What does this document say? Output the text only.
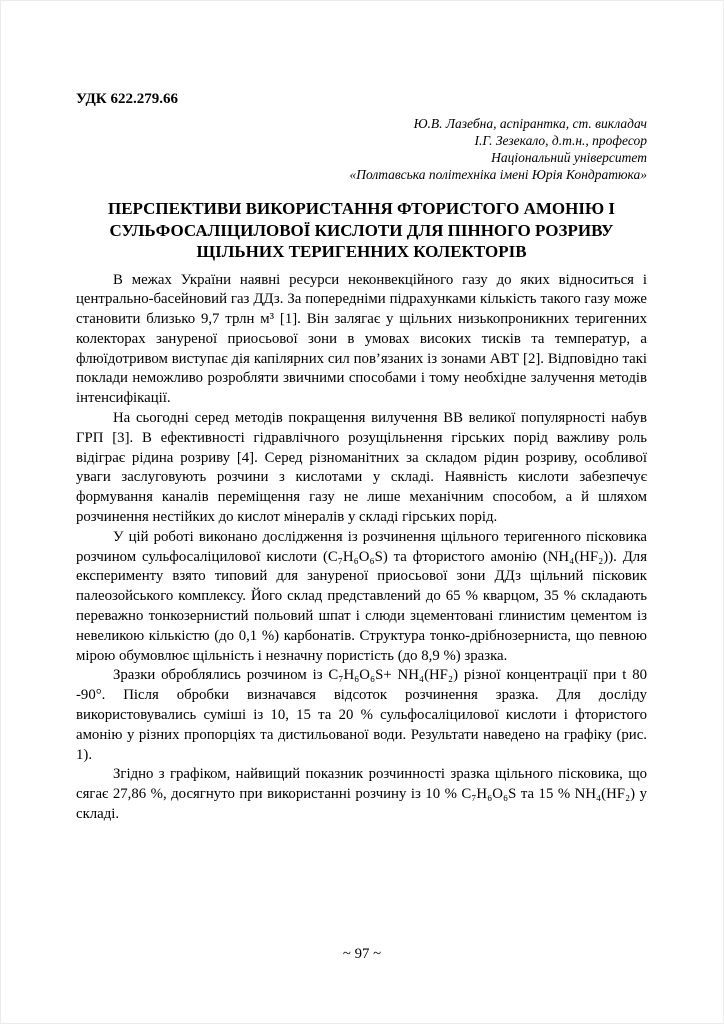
УДК 622.279.66
Ю.В. Лазебна, аспірантка, ст. викладач
І.Г. Зезекало, д.т.н., професор
Національний університет
«Полтавська політехніка імені Юрія Кондратюка»
ПЕРСПЕКТИВИ ВИКОРИСТАННЯ ФТОРИСТОГО АМОНІЮ І СУЛЬФОСАЛІЦИЛОВОЇ КИСЛОТИ ДЛЯ ПІННОГО РОЗРИВУ ЩІЛЬНИХ ТЕРИГЕННИХ КОЛЕКТОРІВ

В межах України наявні ресурси неконвекційного газу до яких відноситься і центрально-басейновий газ ДДз. За попередніми підрахунками кількість такого газу може становити близько 9,7 трлн м³ [1]. Він залягає у щільних низькопроникних теригенних колекторах зануреної приосьової зони в умовах високих тисків та температур, а флюїдотривом виступає дія капілярних сил пов’язаних із зонами АВТ [2]. Відповідно такі поклади неможливо розробляти звичними способами і тому необхідне залучення методів інтенсифікації.

На сьогодні серед методів покращення вилучення ВВ великої популярності набув ГРП [3]. В ефективності гідравлічного розущільнення гірських порід важливу роль відіграє рідина розриву [4]. Серед різноманітних за складом рідин розриву, особливої уваги заслуговують розчини з кислотами у складі. Наявність кислоти забезпечує формування каналів переміщення газу не лише механічним способом, а й шляхом розчинення нестійких до кислот мінералів у складі гірських порід.

У цій роботі виконано дослідження із розчинення щільного теригенного пісковика розчином сульфосаліцилової кислоти (C₇H₆O₆S) та фтористого амонію (NH₄(HF₂)). Для експерименту взято типовий для зануреної приосьової зони ДДз щільний пісковик палеозойського комплексу. Його склад представлений до 65 % кварцом, 35 % складають переважно тонкозернистий польовий шпат і слюди зцементовані глинистим цементом із невеликою кількістю (до 0,1 %) карбонатів. Структура тонко-дрібнозерниста, що певною мірою обумовлює щільність і незначну пористість (до 8,9 %) зразка.

Зразки оброблялись розчином із C₇H₆O₆S+ NH₄(HF₂) різної концентрації при t 80 -90°. Після обробки визначався відсоток розчинення зразка. Для досліду використовувались суміші із 10, 15 та 20 % сульфосаліцилової кислоти і фтористого амонію у різних пропорціях та дистильованої води. Результати наведено на графіку (рис. 1).

Згідно з графіком, найвищий показник розчинності зразка щільного пісковика, що сягає 27,86 %, досягнуто при використанні розчину із 10 % C₇H₆O₆S та 15 % NH₄(HF₂) у складі.

~ 97 ~
